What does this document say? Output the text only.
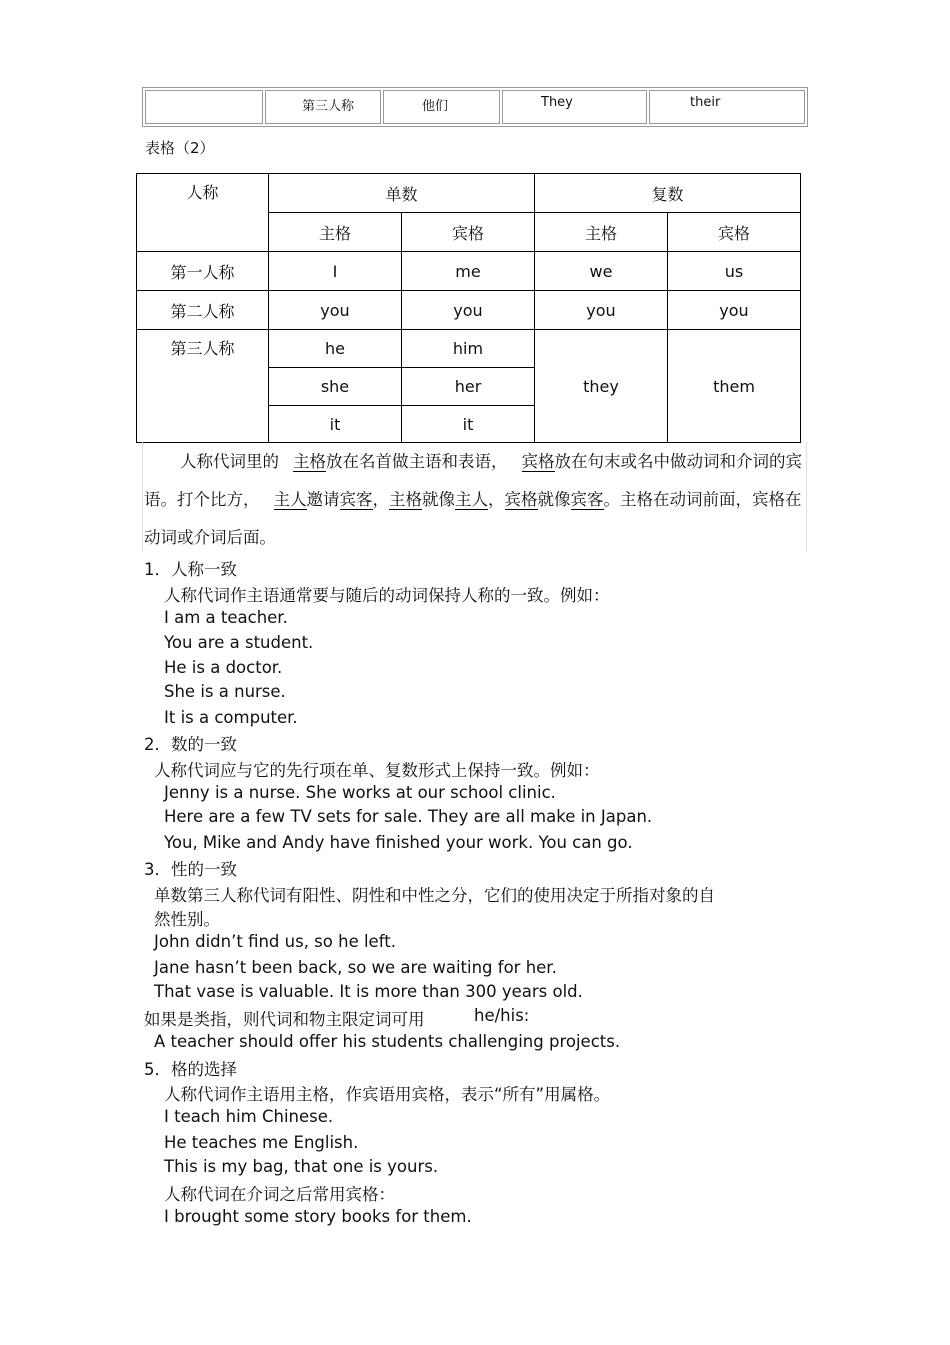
第三人称	他们	They	their
表格（2）
人称	单数		复数	
	主格	宾格	主格	宾格
第一人称	I	me	we	us
第二人称	you	you	you	you
第三人称	he	him	they	them
	she	her		
	it	it		
人称代词里的 主格放在名首做主语和表语， 宾格放在句末或名中做动词和介词的宾语。打个比方， 主人邀请宾客，主格就像主人，宾格就像宾客。主格在动词前面，宾格在动词或介词后面。
1．人称一致
人称代词作主语通常要与随后的动词保持人称的一致。例如：
I am a teacher.
You are a student.
He is a doctor.
She is a nurse.
It is a computer.
2．数的一致
人称代词应与它的先行项在单、复数形式上保持一致。例如：
Jenny is a nurse. She works at our school clinic.
Here are a few TV sets for sale. They are all make in Japan.
You, Mike and Andy have finished your work. You can go.
3．性的一致
单数第三人称代词有阳性、阴性和中性之分，它们的使用决定于所指对象的自
然性别。
John didn’t find us, so he left.
Jane hasn’t been back, so we are waiting for her.
That vase is valuable. It is more than 300 years old.
如果是类指，则代词和物主限定词可用	he/his:
A teacher should offer his students challenging projects.
5．格的选择
人称代词作主语用主格，作宾语用宾格，表示“所有”用属格。
I teach him Chinese.
He teaches me English.
This is my bag, that one is yours.
人称代词在介词之后常用宾格：
I brought some story books for them.
